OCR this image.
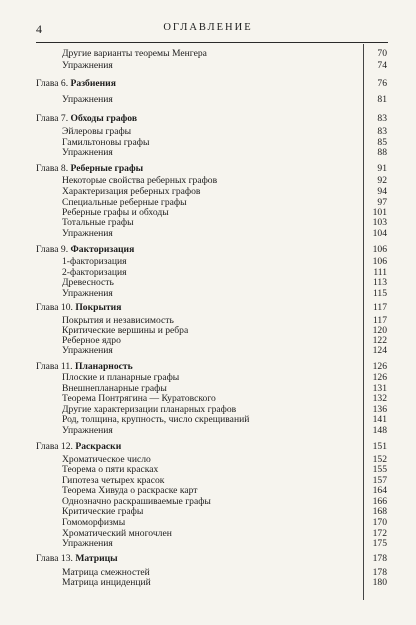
4	ОГЛАВЛЕНИЕ
Другие варианты теоремы Менгера	70
Упражнения	74
Глава 6. Разбиения	76
Упражнения	81
Глава 7. Обходы графов	83
Эйлеровы графы	83
Гамильтоновы графы	85
Упражнения	88
Глава 8. Реберные графы	91
Некоторые свойства реберных графов	92
Характеризация реберных графов	94
Специальные реберные графы	97
Реберные графы и обходы	101
Тотальные графы	103
Упражнения	104
Глава 9. Факторизация	106
1-факторизация	106
2-факторизация	111
Древесность	113
Упражнения	115
Глава 10. Покрытия	117
Покрытия и независимость	117
Критические вершины и ребра	120
Реберное ядро	122
Упражнения	124
Глава 11. Планарность	126
Плоские и планарные графы	126
Внешнепланарные графы	131
Теорема Понтрягина — Куратовского	132
Другие характеризации планарных графов	136
Род, толщина, крупность, число скрещиваний	141
Упражнения	148
Глава 12. Раскраски	151
Хроматическое число	152
Теорема о пяти красках	155
Гипотеза четырех красок	157
Теорема Хивуда о раскраске карт	164
Однозначно раскрашиваемые графы	166
Критические графы	168
Гомоморфизмы	170
Хроматический многочлен	172
Упражнения	175
Глава 13. Матрицы	178
Матрица смежностей	178
Матрица инциденций	180
